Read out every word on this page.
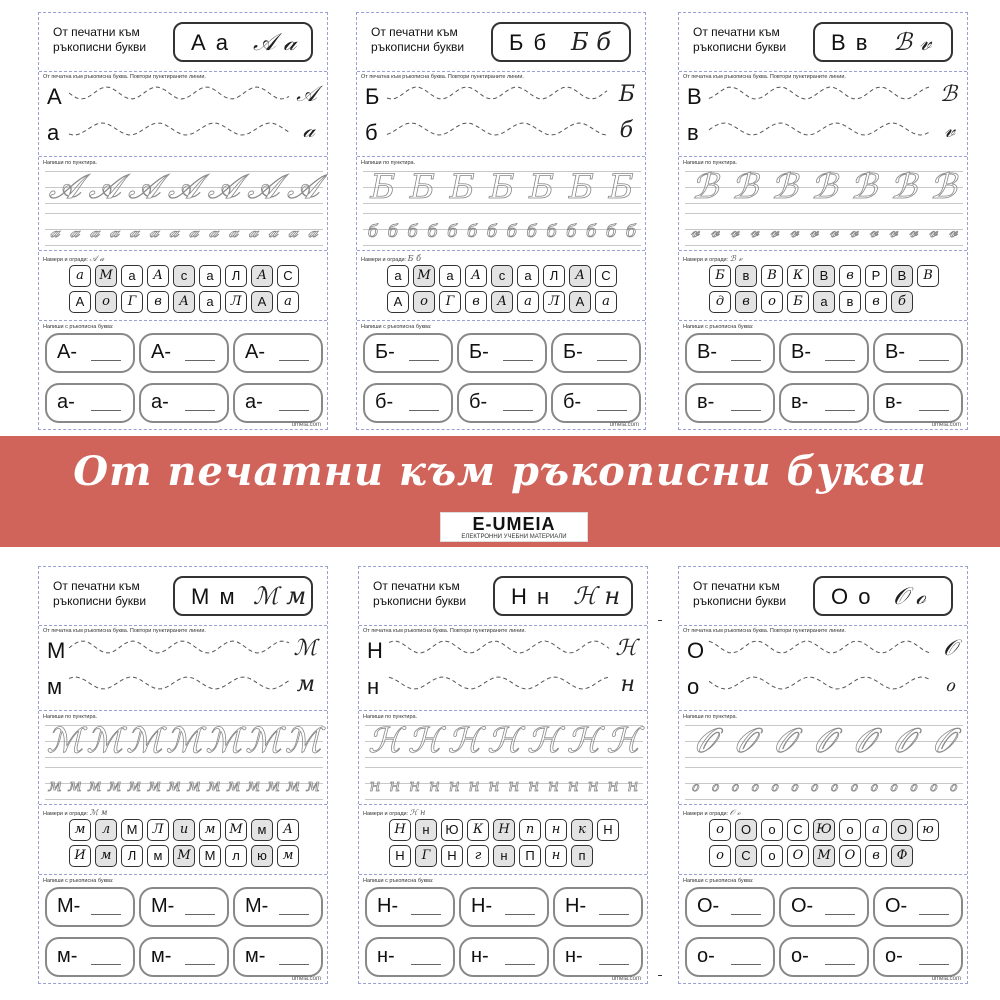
От печатни към
ръкописни букви	А а 𝒜 𝒶
От печатна към ръкописна буква. Повтори пунктираните линии.
А
а
𝒜
𝒶
Напиши по пунктира.
𝒜 𝒜 𝒜 𝒜 𝒜 𝒜 𝒜
𝒶 𝒶 𝒶 𝒶 𝒶 𝒶 𝒶 𝒶 𝒶 𝒶 𝒶 𝒶 𝒶 𝒶
Намери и огради: 𝒜 𝒶
а	М	а	А	с	а	Л	А	С
А	о	Г	в	А	а	Л	А	а
Напиши с ръкописна буква:
А-	А-	А-
а-	а-	а-
umeia.com
От печатни към
ръкописни букви	Б б Б б
От печатна към ръкописна буква. Повтори пунктираните линии.
Б
б
Б
б
Напиши по пунктира.
Б Б Б Б Б Б Б
б б б б б б б б б б б б б б
Намери и огради: Б б
а	М	а	А	с	а	Л	А	С
А	о	Г	в	А	а	Л	А	а
Напиши с ръкописна буква:
Б-	Б-	Б-
б-	б-	б-
umeia.com
От печатни към
ръкописни букви	В в ℬ 𝓋
От печатна към ръкописна буква. Повтори пунктираните линии.
В
в
ℬ
𝓋
Напиши по пунктира.
ℬ ℬ ℬ ℬ ℬ ℬ ℬ
𝓋 𝓋 𝓋 𝓋 𝓋 𝓋 𝓋 𝓋 𝓋 𝓋 𝓋 𝓋 𝓋 𝓋
Намери и огради: ℬ 𝓋
Б	в	В	К	В	в	Р	В	В
д	в	о	Б	а	в	в	б
Напиши с ръкописна буква:
В-	В-	В-
в-	в-	в-
umeia.com
От печатни към
ръкописни букви	М м ℳ м
От печатна към ръкописна буква. Повтори пунктираните линии.
М
м
ℳ
м
Напиши по пунктира.
ℳ ℳ ℳ ℳ ℳ ℳ ℳ
м м м м м м м м м м м м м м
Намери и огради: ℳ м
м	л	М	Л	и	м	М	м	А
И	м	Л	м	М	М	л	ю	м
Напиши с ръкописна буква:
М-	М-	М-
м-	м-	м-
umeia.com
От печатни към
ръкописни букви	Н н ℋ н
От печатна към ръкописна буква. Повтори пунктираните линии.
Н
н
ℋ
н
Напиши по пунктира.
ℋ ℋ ℋ ℋ ℋ ℋ ℋ
н н н н н н н н н н н н н н
Намери и огради: ℋ н
Н	н	Ю	К	Н	п	н	к	Н
Н	Г	Н	г	н	П	н	п
Напиши с ръкописна буква:
Н-	Н-	Н-
н-	н-	н-
umeia.com
От печатни към
ръкописни букви	О о 𝒪 ℴ
От печатна към ръкописна буква. Повтори пунктираните линии.
О
о
𝒪
ℴ
Напиши по пунктира.
𝒪 𝒪 𝒪 𝒪 𝒪 𝒪 𝒪
ℴ ℴ ℴ ℴ ℴ ℴ ℴ ℴ ℴ ℴ ℴ ℴ ℴ ℴ
Намери и огради: 𝒪 ℴ
о	О	о	С	Ю	о	а	О	ю
о	С	о	О	М	О	в	Ф
Напиши с ръкописна буква:
О-	О-	О-
о-	о-	о-
umeia.com
От печатни към ръкописни букви
E-UMEIA
ЕЛЕКТРОННИ УЧЕБНИ МАТЕРИАЛИ
